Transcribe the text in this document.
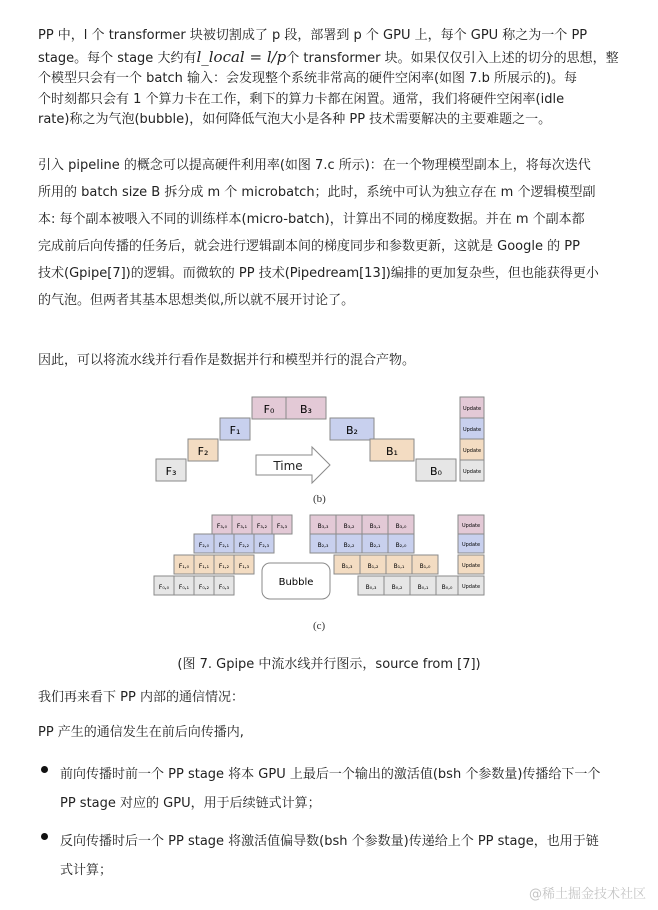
PP 中，l 个 transformer 块被切割成了 p 段，部署到 p 个 GPU 上，每个 GPU 称之为一个 PP
stage。每个 stage 大约有l_local = l/p个 transformer 块。如果仅仅引入上述的切分的思想，整
个模型只会有一个 batch 输入：会发现整个系统非常高的硬件空闲率(如图 7.b 所展示的)。每
个时刻都只会有 1 个算力卡在工作，剩下的算力卡都在闲置。通常，我们将硬件空闲率(idle
rate)称之为气泡(bubble)，如何降低气泡大小是各种 PP 技术需要解决的主要难题之一。
引入 pipeline 的概念可以提高硬件利用率(如图 7.c 所示)：在一个物理模型副本上，将每次迭代
所用的 batch size B 拆分成 m 个 microbatch；此时，系统中可认为独立存在 m 个逻辑模型副
本: 每个副本被喂入不同的训练样本(micro-batch)，计算出不同的梯度数据。并在 m 个副本都
完成前后向传播的任务后，就会进行逻辑副本间的梯度同步和参数更新，这就是 Google 的 PP
技术(Gpipe[7])的逻辑。而微软的 PP 技术(Pipedream[13])编排的更加复杂些，但也能获得更小
的气泡。但两者其基本思想类似,所以就不展开讨论了。
因此，可以将流水线并行看作是数据并行和模型并行的混合产物。
F₃
F₂
F₁
F₀ B₃
B₂
B₁
B₀
Time
Update
Update
Update
Update
(b)
F₃,₀ F₃,₁ F₃,₂ F₃,₃
F₂,₀ F₂,₁ F₂,₂ F₂,₃
F₁,₀ F₁,₁ F₁,₂ F₁,₃
F₀,₀ F₀,₁ F₀,₂ F₀,₃
B₃,₃	B₃,₂	B₃,₁	B₃,₀
B₂,₃	B₂,₂	B₂,₁	B₂,₀
B₁,₃	B₁,₂	B₁,₁	B₁,₀
B₀,₃	B₀,₂	B₀,₁ B₀,₀
Bubble
Update
Update
Update
Update
(c)
(图 7. Gpipe 中流水线并行图示，source from [7])
我们再来看下 PP 内部的通信情况：
PP 产生的通信发生在前后向传播内,
前向传播时前一个 PP stage 将本 GPU 上最后一个输出的激活值(bsh 个参数量)传播给下一个
PP stage 对应的 GPU，用于后续链式计算；
反向传播时后一个 PP stage 将激活值偏导数(bsh 个参数量)传递给上个 PP stage，也用于链
式计算；
@稀土掘金技术社区
